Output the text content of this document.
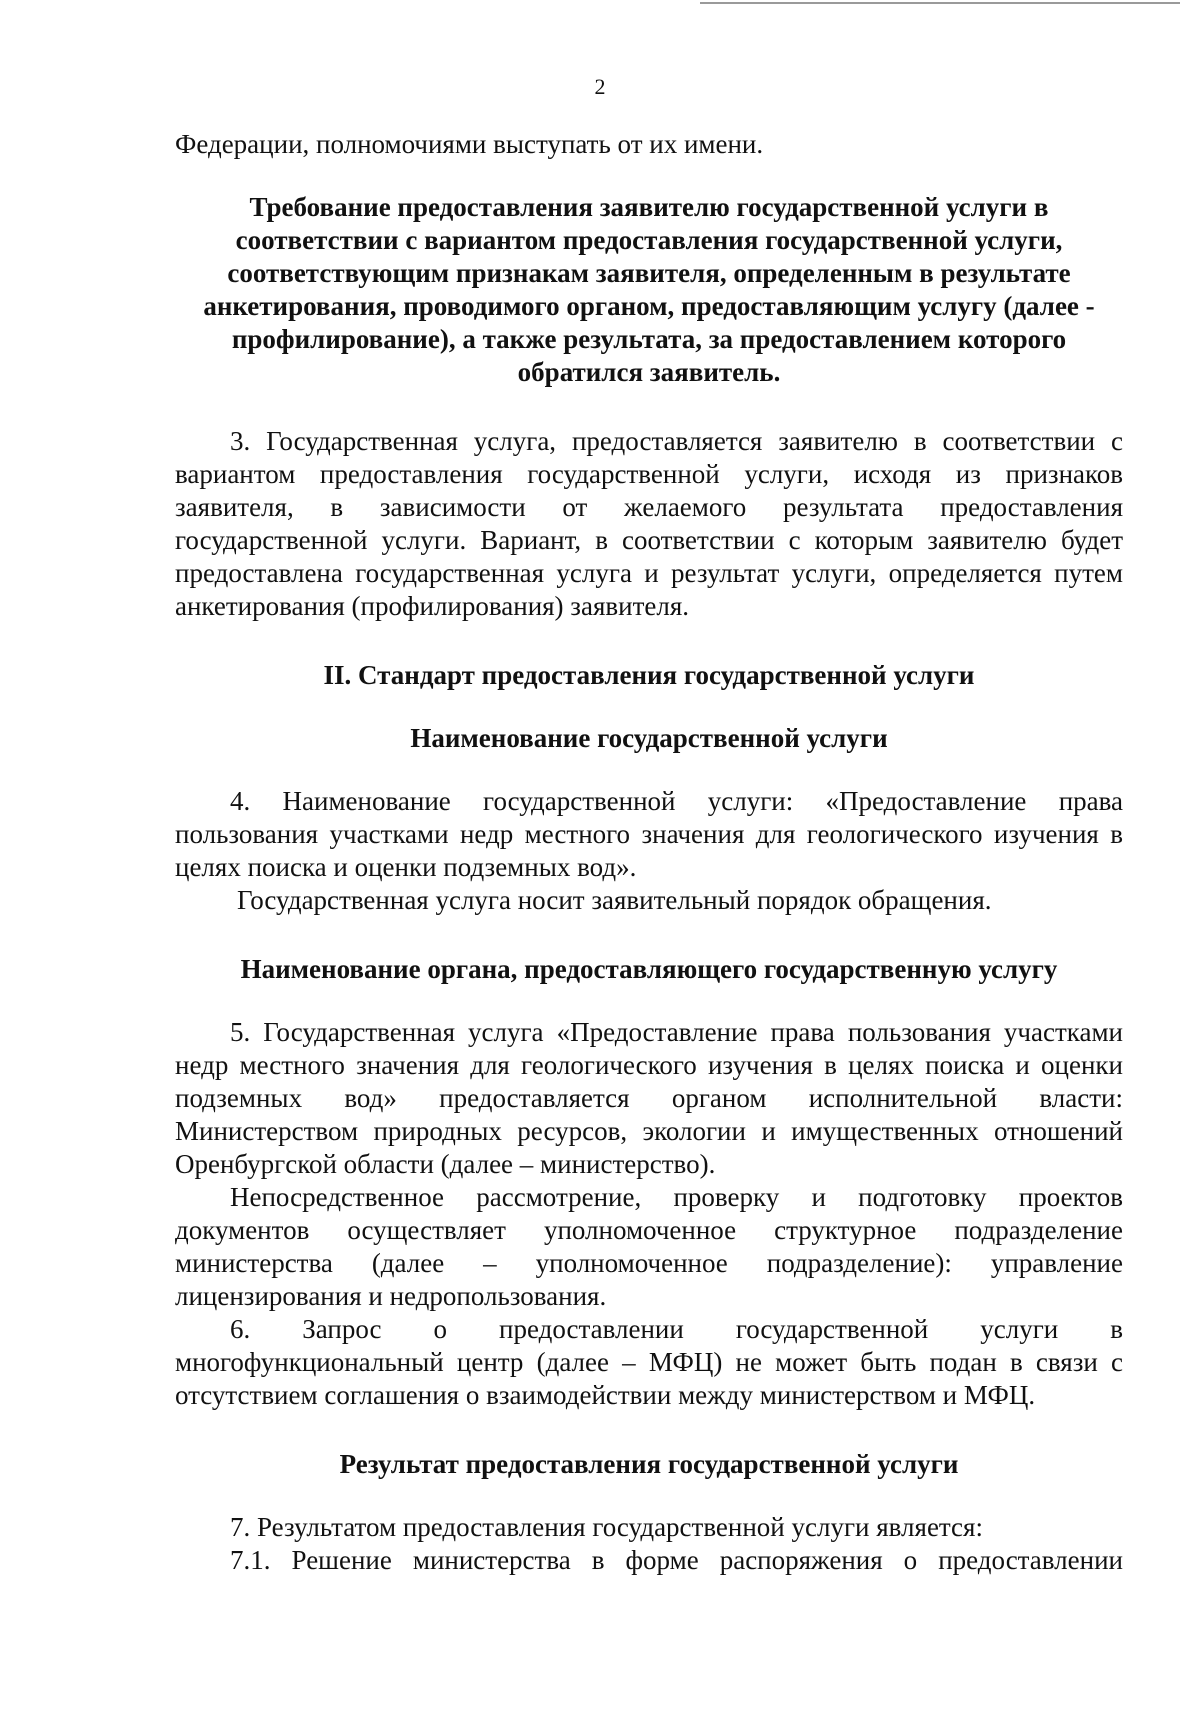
2

Федерации, полномочиями выступать от их имени.

Требование предоставления заявителю государственной услуги в соответствии с вариантом предоставления государственной услуги, соответствующим признакам заявителя, определенным в результате анкетирования, проводимого органом, предоставляющим услугу (далее - профилирование), а также результата, за предоставлением которого обратился заявитель.

3. Государственная услуга, предоставляется заявителю в соответствии с вариантом предоставления государственной услуги, исходя из признаков заявителя, в зависимости от желаемого результата предоставления государственной услуги. Вариант, в соответствии с которым заявителю будет предоставлена государственная услуга и результат услуги, определяется путем анкетирования (профилирования) заявителя.

II. Стандарт предоставления государственной услуги

Наименование государственной услуги

4. Наименование государственной услуги: «Предоставление права пользования участками недр местного значения для геологического изучения в целях поиска и оценки подземных вод».

Государственная услуга носит заявительный порядок обращения.

Наименование органа, предоставляющего государственную услугу

5. Государственная услуга «Предоставление права пользования участками недр местного значения для геологического изучения в целях поиска и оценки подземных вод» предоставляется органом исполнительной власти: Министерством природных ресурсов, экологии и имущественных отношений Оренбургской области (далее – министерство).

Непосредственное рассмотрение, проверку и подготовку проектов документов осуществляет уполномоченное структурное подразделение министерства (далее – уполномоченное подразделение): управление лицензирования и недропользования.

6. Запрос о предоставлении государственной услуги в многофункциональный центр (далее – МФЦ) не может быть подан в связи с отсутствием соглашения о взаимодействии между министерством и МФЦ.

Результат предоставления государственной услуги

7. Результатом предоставления государственной услуги является:

7.1. Решение министерства в форме распоряжения о предоставлении
